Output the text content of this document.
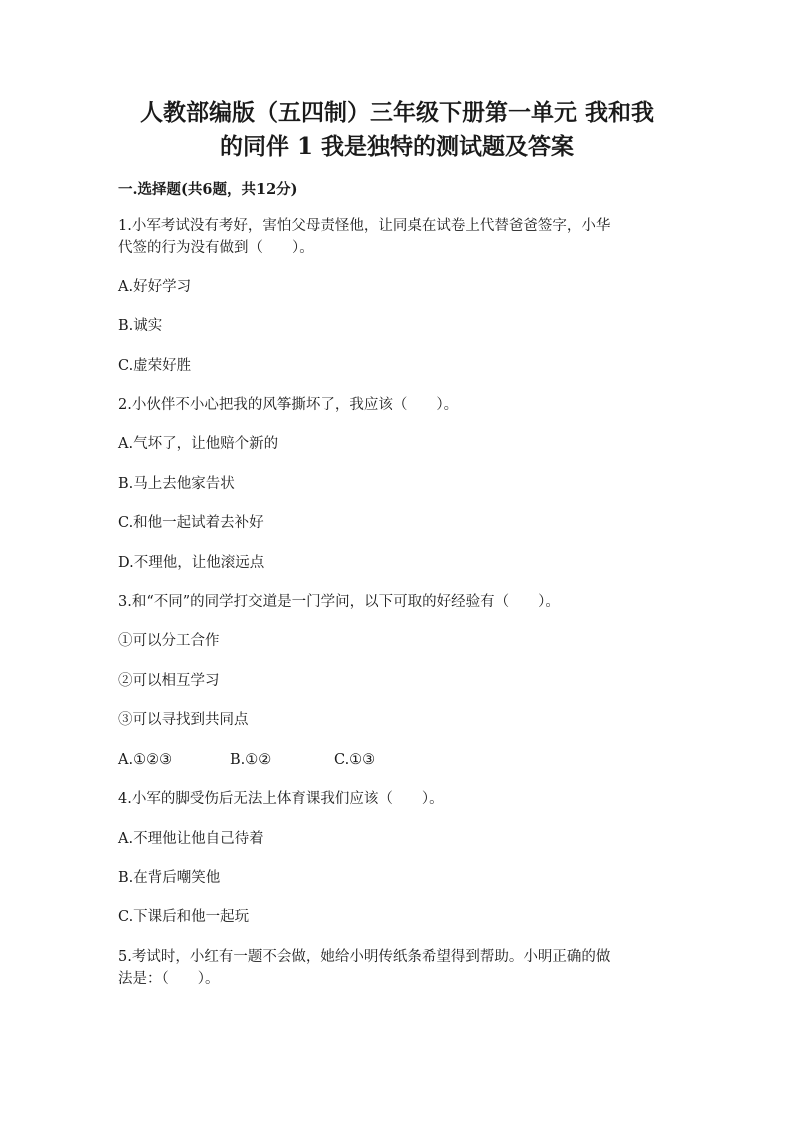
人教部编版（五四制）三年级下册第一单元 我和我
的同伴 1 我是独特的测试题及答案
一.选择题(共6题，共12分)
1.小军考试没有考好，害怕父母责怪他，让同桌在试卷上代替爸爸签字，小华
代签的行为没有做到（　　）。
A.好好学习
B.诚实
C.虚荣好胜
2.小伙伴不小心把我的风筝撕坏了，我应该（　　）。
A.气坏了，让他赔个新的
B.马上去他家告状
C.和他一起试着去补好
D.不理他，让他滚远点
3.和“不同”的同学打交道是一门学问，以下可取的好经验有（　　）。
①可以分工合作
②可以相互学习
③可以寻找到共同点
A.①②③	B.①②	C.①③
4.小军的脚受伤后无法上体育课我们应该（　　）。
A.不理他让他自己待着
B.在背后嘲笑他
C.下课后和他一起玩
5.考试时，小红有一题不会做，她给小明传纸条希望得到帮助。小明正确的做
法是：（　　）。
